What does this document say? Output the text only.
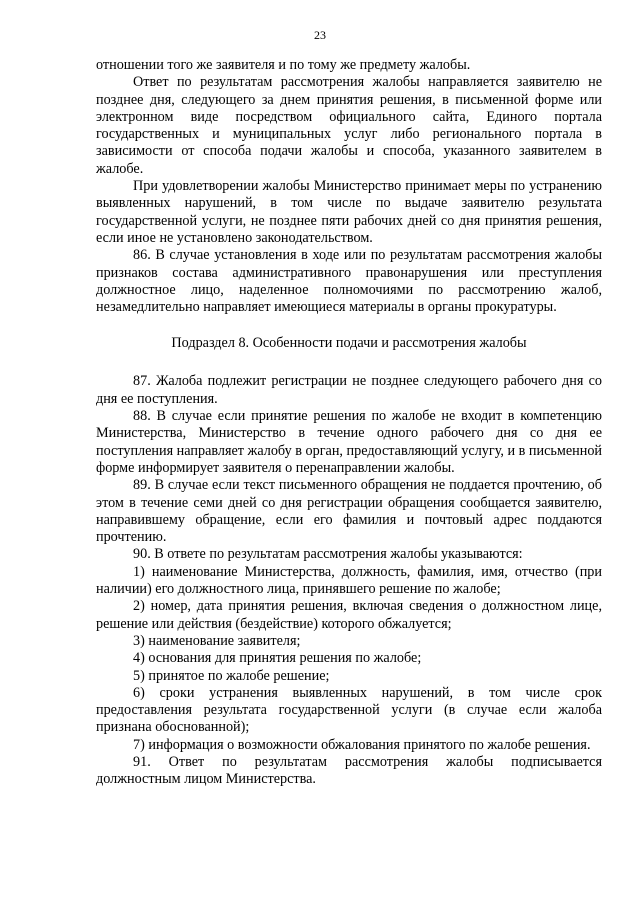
23

отношении того же заявителя и по тому же предмету жалобы.

Ответ по результатам рассмотрения жалобы направляется заявителю не позднее дня, следующего за днем принятия решения, в письменной форме или электронном виде посредством официального сайта, Единого портала государственных и муниципальных услуг либо регионального портала в зависимости от способа подачи жалобы и способа, указанного заявителем в жалобе.

При удовлетворении жалобы Министерство принимает меры по устранению выявленных нарушений, в том числе по выдаче заявителю результата государственной услуги, не позднее пяти рабочих дней со дня принятия решения, если иное не установлено законодательством.

86. В случае установления в ходе или по результатам рассмотрения жалобы признаков состава административного правонарушения или преступления должностное лицо, наделенное полномочиями по рассмотрению жалоб, незамедлительно направляет имеющиеся материалы в органы прокуратуры.

Подраздел 8. Особенности подачи и рассмотрения жалобы

87. Жалоба подлежит регистрации не позднее следующего рабочего дня со дня ее поступления.

88. В случае если принятие решения по жалобе не входит в компетенцию Министерства, Министерство в течение одного рабочего дня со дня ее поступления направляет жалобу в орган, предоставляющий услугу, и в письменной форме информирует заявителя о перенаправлении жалобы.

89. В случае если текст письменного обращения не поддается прочтению, об этом в течение семи дней со дня регистрации обращения сообщается заявителю, направившему обращение, если его фамилия и почтовый адрес поддаются прочтению.

90. В ответе по результатам рассмотрения жалобы указываются:

1) наименование Министерства, должность, фамилия, имя, отчество (при наличии) его должностного лица, принявшего решение по жалобе;

2) номер, дата принятия решения, включая сведения о должностном лице, решение или действия (бездействие) которого обжалуется;

3) наименование заявителя;

4) основания для принятия решения по жалобе;

5) принятое по жалобе решение;

6) сроки устранения выявленных нарушений, в том числе срок предоставления результата государственной услуги (в случае если жалоба признана обоснованной);

7) информация о возможности обжалования принятого по жалобе решения.

91. Ответ по результатам рассмотрения жалобы подписывается должностным лицом Министерства.
